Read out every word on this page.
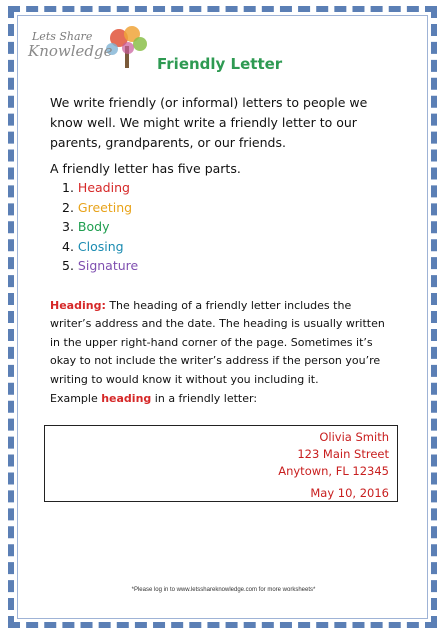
Lets Share
Knowledge
Friendly Letter
We write friendly (or informal) letters to people we know well. We might write a friendly letter to our parents, grandparents, or our friends.
A friendly letter has five parts.
1. Heading
2. Greeting
3. Body
4. Closing
5. Signature
Heading: The heading of a friendly letter includes the writer’s address and the date. The heading is usually written in the upper right-hand corner of the page. Sometimes it’s okay to not include the writer’s address if the person you’re writing to would know it without you including it.
Example heading in a friendly letter:
Olivia Smith
123 Main Street
Anytown, FL 12345
May 10, 2016
*Please log in to www.letsshareknowledge.com for more worksheets*
